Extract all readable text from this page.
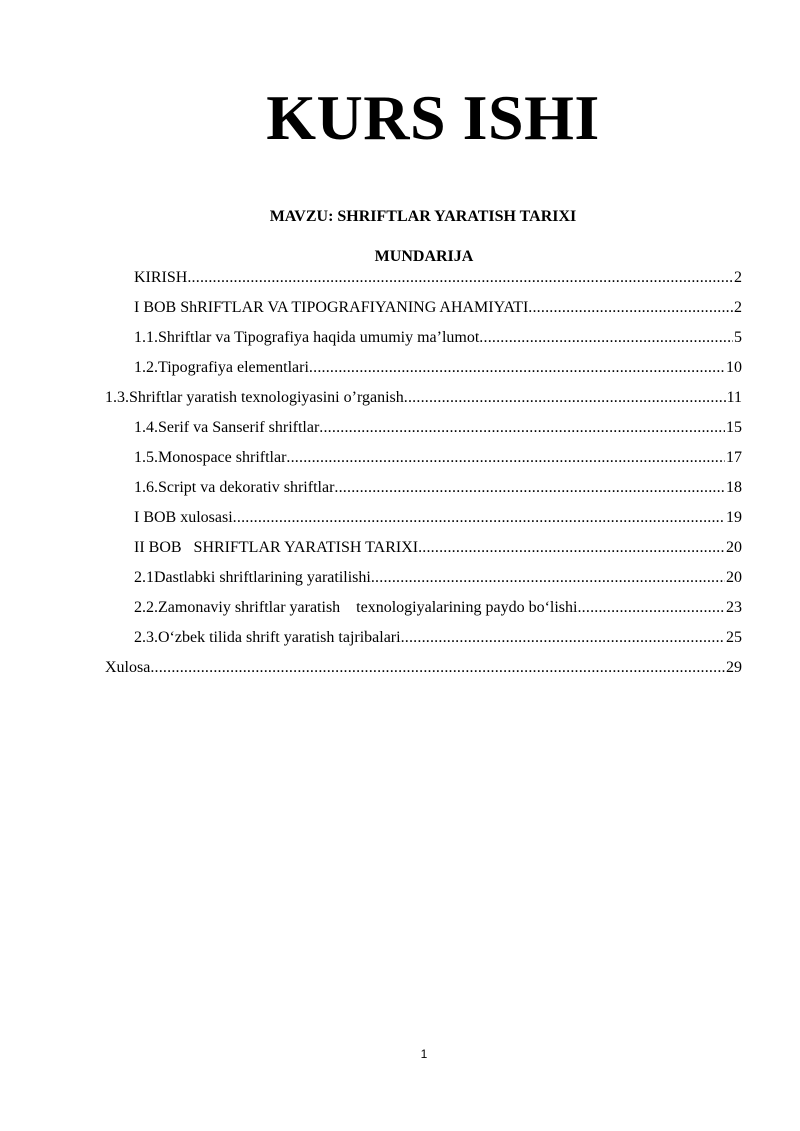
KURS ISHI
MAVZU: SHRIFTLAR YARATISH TARIXI
MUNDARIJA
KIRISH .....	2
I BOB ShRIFTLAR VA TIPOGRAFIYANING AHAMIYATI .....	2
1.1.Shriftlar va Tipografiya haqida umumiy ma’lumot .....	5
1.2.Tipografiya elementlari .....	10
1.3.Shriftlar yaratish texnologiyasini o’rganish .....	11
1.4.Serif va Sanserif shriftlar .....	15
1.5.Monospace shriftlar .....	17
1.6.Script va dekorativ shriftlar .....	18
I BOB xulosasi .....	19
II BOB   SHRIFTLAR YARATISH TARIXI .....	20
2.1Dastlabki shriftlarining yaratilishi .....	20
2.2.Zamonaviy shriftlar yaratish    texnologiyalarining paydo bo‘lishi .....	23
2.3.O‘zbek tilida shrift yaratish tajribalari .....	25
Xulosa .....	29
1
